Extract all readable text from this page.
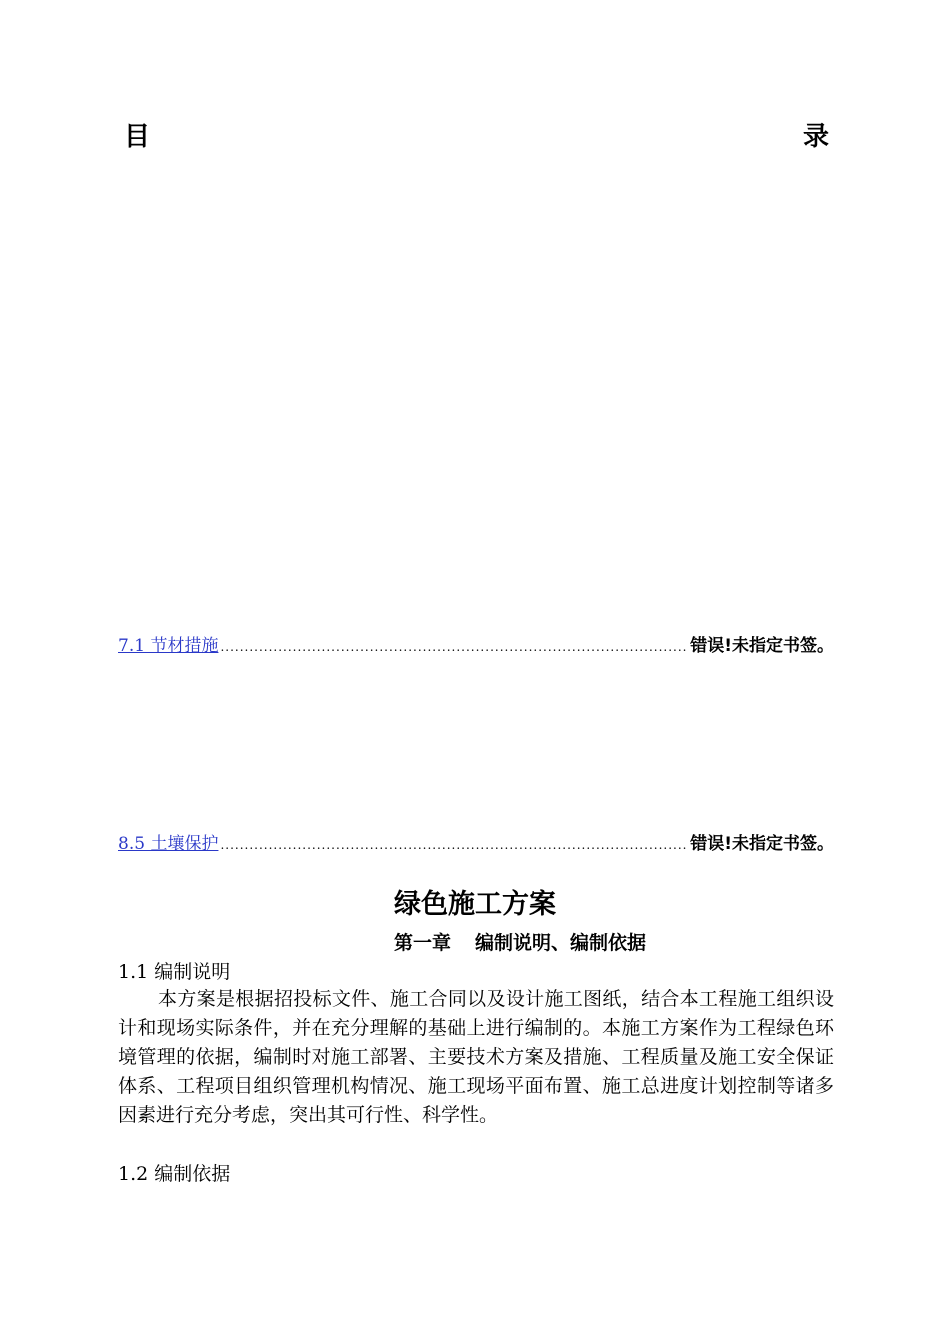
目	录
7.1 节材措施 .....	错误!未指定书签。
8.5 土壤保护 .....	错误!未指定书签。
绿色施工方案
第一章 编制说明、编制依据
1.1 编制说明
本方案是根据招投标文件、施工合同以及设计施工图纸，结合本工程施工组织设计和现场实际条件，并在充分理解的基础上进行编制的。本施工方案作为工程绿色环境管理的依据，编制时对施工部署、主要技术方案及措施、工程质量及施工安全保证体系、工程项目组织管理机构情况、施工现场平面布置、施工总进度计划控制等诸多因素进行充分考虑，突出其可行性、科学性。
1.2 编制依据
